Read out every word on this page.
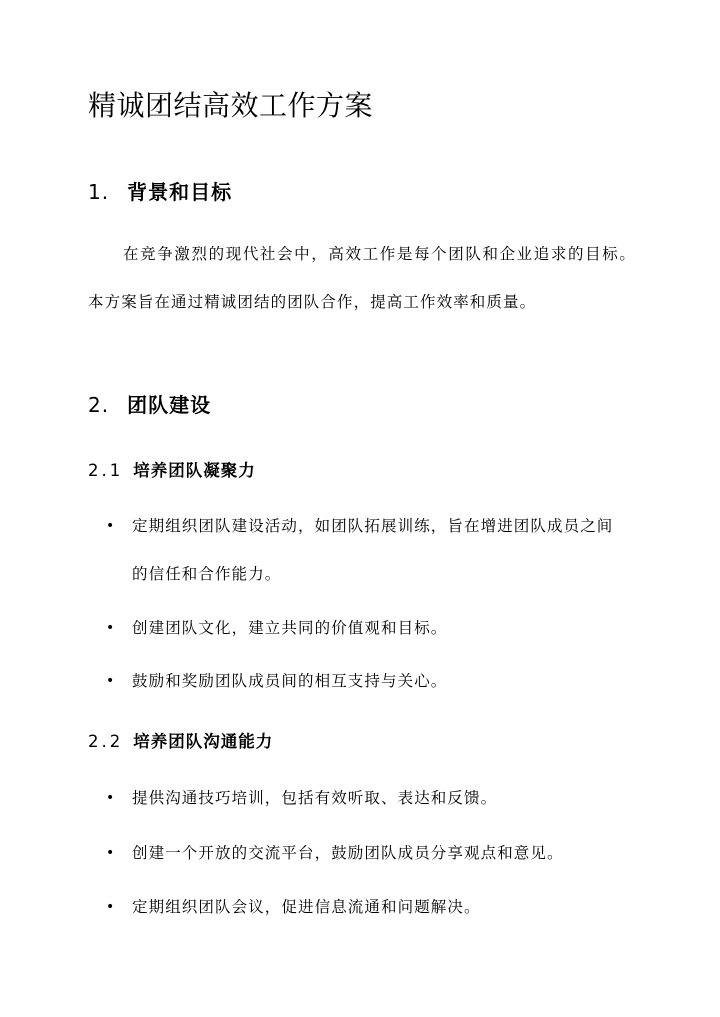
精诚团结高效工作方案
1. 背景和目标

在竞争激烈的现代社会中，高效工作是每个团队和企业追求的目标。本方案旨在通过精诚团结的团队合作，提高工作效率和质量。

2. 团队建设
2.1 培养团队凝聚力
•	定期组织团队建设活动，如团队拓展训练，旨在增进团队成员之间的信任和合作能力。
•	创建团队文化，建立共同的价值观和目标。
•	鼓励和奖励团队成员间的相互支持与关心。
2.2 培养团队沟通能力
•	提供沟通技巧培训，包括有效听取、表达和反馈。
•	创建一个开放的交流平台，鼓励团队成员分享观点和意见。
•	定期组织团队会议，促进信息流通和问题解决。
